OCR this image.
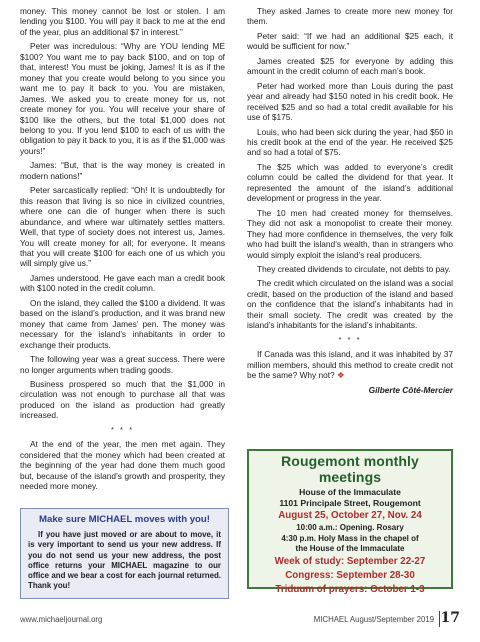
money. This money cannot be lost or stolen. I am lending you $100. You will pay it back to me at the end of the year, plus an additional $7 in interest.”

Peter was incredulous: “Why are YOU lending ME $100? You want me to pay back $100, and on top of that, interest! You must be joking, James! It is as if the money that you create would belong to you since you want me to pay it back to you. You are mistaken, James. We asked you to create money for us, not create money for you. You will receive your share of $100 like the others, but the total $1,000 does not belong to you. If you lend $100 to each of us with the obligation to pay it back to you, it is as if the $1,000 was yours!”

James: “But, that is the way money is created in modern nations!”

Peter sarcastically replied: “Oh! It is undoubtedly for this reason that living is so nice in civilized countries, where one can die of hunger when there is such abundance, and where war ultimately settles matters. Well, that type of society does not interest us, James. You will create money for all; for everyone. It means that you will create $100 for each one of us which you will simply give us.”

James understood. He gave each man a credit book with $100 noted in the credit column.

On the island, they called the $100 a dividend. It was based on the island’s production, and it was brand new money that came from James’ pen. The money was necessary for the island’s inhabitants in order to exchange their products.

The following year was a great success. There were no longer arguments when trading goods.

Business prospered so much that the $1,000 in circulation was not enough to purchase all that was produced on the island as production had greatly increased.

* * *

At the end of the year, the men met again. They considered that the money which had been created at the beginning of the year had done them much good but, because of the island’s growth and prosperity, they needed more money.

Make sure MICHAEL moves with you!
If you have just moved or are about to move, it is very important to send us your new address. If you do not send us your new address, the post office returns your MICHAEL magazine to our office and we bear a cost for each journal returned. Thank you!

They asked James to create more new money for them.

Peter said: “If we had an additional $25 each, it would be sufficient for now.”

James created $25 for everyone by adding this amount in the credit column of each man’s book.

Peter had worked more than Louis during the past year and already had $150 noted in his credit book. He received $25 and so had a total credit available for his use of $175.

Louis, who had been sick during the year, had $50 in his credit book at the end of the year. He received $25 and so had a total of $75.

The $25 which was added to everyone’s credit column could be called the dividend for that year. It represented the amount of the island’s additional development or progress in the year.

The 10 men had created money for themselves. They did not ask a monopolist to create their money. They had more confidence in themselves, the very folk who had built the island’s wealth, than in strangers who would simply exploit the island’s real producers.

They created dividends to circulate, not debts to pay.

The credit which circulated on the island was a social credit, based on the production of the island and based on the confidence that the island’s inhabitants had in their small society. The credit was created by the island’s inhabitants for the island’s inhabitants.

* * *

If Canada was this island, and it was inhabited by 37 million members, should this method to create credit not be the same? Why not? ❖

Gilberte Côté-Mercier
Rougemont monthly meetings
House of the Immaculate
1101 Principale Street, Rougemont
August 25, October 27, Nov. 24
10:00 a.m.: Opening. Rosary
4:30 p.m. Holy Mass in the chapel of
the House of the Immaculate
Week of study: September 22-27
Congress: September 28-30
Triduum of prayers: October 1-3
www.michaeljournal.org	MICHAEL August/September 2019 17
